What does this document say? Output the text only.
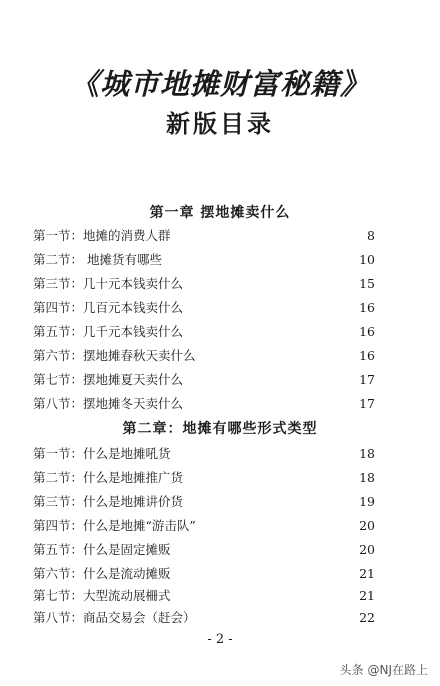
《城市地摊财富秘籍》
新版目录
第一章 摆地摊卖什么
第一节：地摊的消费人群	8
第二节： 地摊货有哪些	10
第三节：几十元本钱卖什么	15
第四节：几百元本钱卖什么	16
第五节：几千元本钱卖什么	16
第六节：摆地摊春秋天卖什么	16
第七节：摆地摊夏天卖什么	17
第八节：摆地摊冬天卖什么	17
第二章：地摊有哪些形式类型
第一节：什么是地摊吼货	18
第二节：什么是地摊推广货	18
第三节：什么是地摊讲价货	19
第四节：什么是地摊“游击队”	20
第五节：什么是固定摊贩	20
第六节：什么是流动摊贩	21
第七节：大型流动展柵式	21
第八节：商品交易会（赶会）	22
- 2 -
头条 @NJ在路上
